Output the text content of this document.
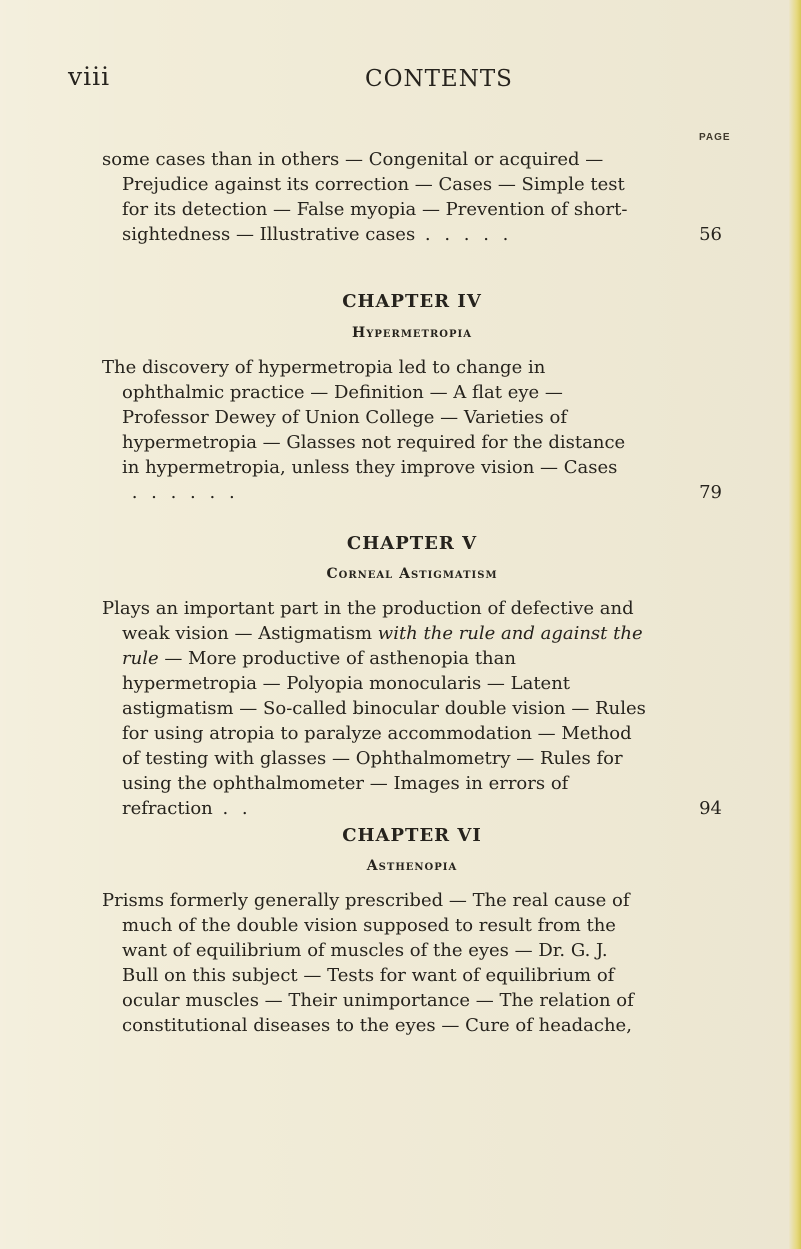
viii	CONTENTS
PAGE

some cases than in others — Congenital or acquired — Prejudice against its correction — Cases — Simple test for its detection — False myopia — Prevention of short-sightedness — Illustrative cases . . . . .	56

CHAPTER IV
Hypermetropia

The discovery of hypermetropia led to change in ophthalmic practice — Definition — A flat eye — Professor Dewey of Union College — Varieties of hypermetropia — Glasses not required for the distance in hypermetropia, unless they improve vision — Cases . . . . . .	79

CHAPTER V
Corneal Astigmatism

Plays an important part in the production of defective and weak vision — Astigmatism with the rule and against the rule — More productive of asthenopia than hypermetropia — Polyopia monocularis — Latent astigmatism — So-called binocular double vision — Rules for using atropia to paralyze accommodation — Method of testing with glasses — Ophthalmometry — Rules for using the ophthalmometer — Images in errors of refraction . .	94

CHAPTER VI
Asthenopia

Prisms formerly generally prescribed — The real cause of much of the double vision supposed to result from the want of equilibrium of muscles of the eyes — Dr. G. J. Bull on this subject — Tests for want of equilibrium of ocular muscles — Their unimportance — The relation of constitutional diseases to the eyes — Cure of headache,
